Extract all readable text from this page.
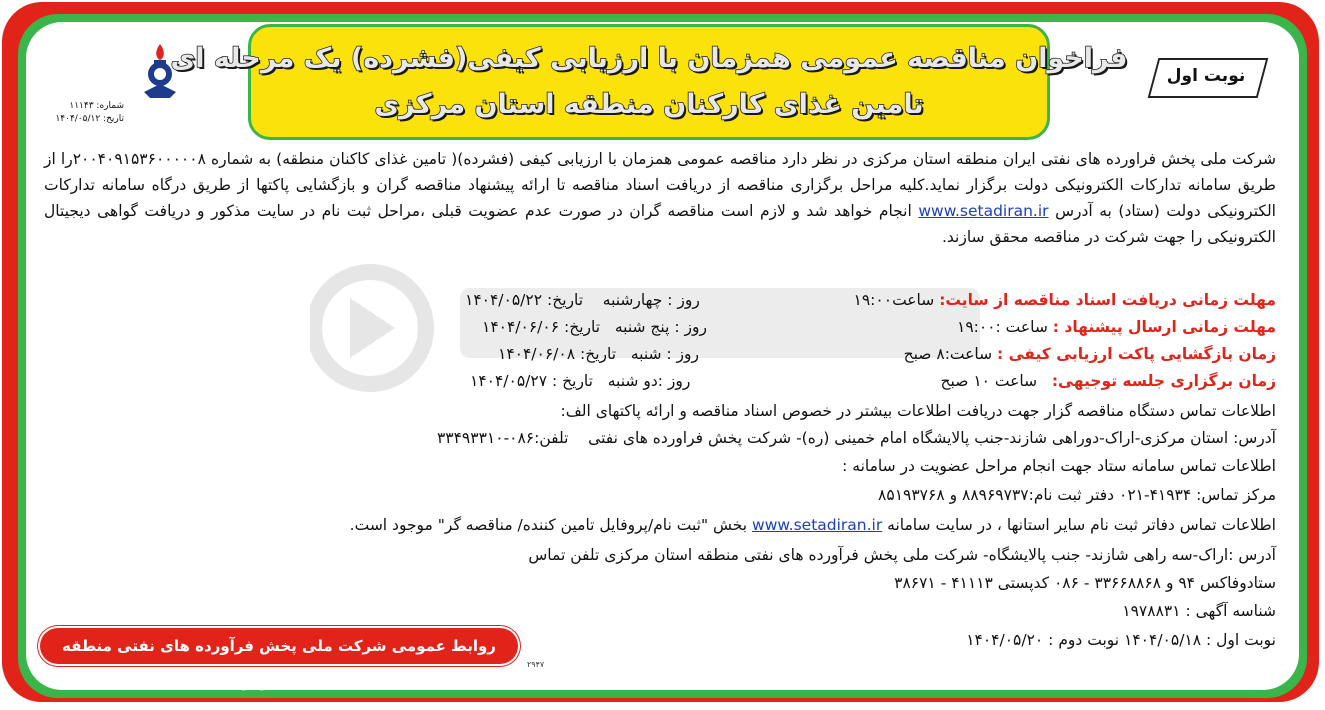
فراخوان مناقصه عمومی همزمان با ارزیابی کیفی(فشرده) یک مرحله ای
تامین غذای کارکنان منطقه استان مرکزی
نوبت اول
شماره: ۱۱۱۴۳
تاریخ: ۱۴۰۴/۰۵/۱۲

شرکت ملی پخش فراورده های نفتی ایران منطقه استان مرکزی در نظر دارد مناقصه عمومی همزمان با ارزیابی کیفی (فشرده)( تامین غذای کاکنان منطقه) به شماره ۲۰۰۴۰۹۱۵۳۶۰۰۰۰۰۸را از طریق سامانه تدارکات الکترونیکی دولت برگزار نماید.کلیه مراحل برگزاری مناقصه از دریافت اسناد مناقصه تا ارائه پیشنهاد مناقصه گران و بازگشایی پاکتها از طریق درگاه سامانه تدارکات الکترونیکی دولت (ستاد) به آدرس www.setadiran.ir انجام خواهد شد و لازم است مناقصه گران در صورت عدم عضویت قبلی ،مراحل ثبت نام در سایت مذکور و دریافت گواهی دیجیتال الکترونیکی را جهت شرکت در مناقصه محقق سازند.

مهلت زمانی دریافت اسناد مناقصه از سایت: ساعت۱۹:۰۰
روز : چهارشنبه    تاریخ: ۱۴۰۴/۰۵/۲۲
مهلت زمانی ارسال پیشنهاد : ساعت :۱۹:۰۰
روز : پنج شنبه   تاریخ: ۱۴۰۴/۰۶/۰۶
زمان بازگشایی پاکت ارزیابی کیفی : ساعت:۸ صبح
روز : شنبه   تاریخ: ۱۴۰۴/۰۶/۰۸
زمان برگزاری جلسه توجیهی:   ساعت ۱۰ صبح
روز :دو شنبه   تاریخ : ۱۴۰۴/۰۵/۲۷
اطلاعات تماس دستگاه مناقصه گزار جهت دریافت اطلاعات بیشتر در خصوص اسناد مناقصه و ارائه پاکتهای الف:
آدرس: استان مرکزی-اراک-دوراهی شازند-جنب پالایشگاه امام خمینی (ره)- شرکت پخش فراورده های نفتی    تلفن:۰۸۶-۳۳۴۹۳۳۱۰
اطلاعات تماس سامانه ستاد جهت انجام مراحل عضویت در سامانه :
مرکز تماس: ۴۱۹۳۴-۰۲۱ دفتر ثبت نام:۸۸۹۶۹۷۳۷ و ۸۵۱۹۳۷۶۸
اطلاعات تماس دفاتر ثبت نام سایر استانها ، در سایت سامانه www.setadiran.ir بخش "ثبت نام/پروفایل تامین کننده/ مناقصه گر" موجود است.
آدرس :اراک-سه راهی شازند- جنب پالایشگاه- شرکت ملی پخش فرآورده های نفتی منطقه استان مرکزی تلفن تماس
ستادوفاکس ۹۴ و ۳۳۶۶۸۸۶۸ - ۰۸۶ کدپستی ۴۱۱۱۳ - ۳۸۶۷۱
شناسه آگهی : ۱۹۷۸۸۳۱
نوبت اول : ۱۴۰۴/۰۵/۱۸ نوبت دوم : ۱۴۰۴/۰۵/۲۰
روابط عمومی شرکت ملی پخش فرآورده های نفتی منطقه استان مرکزی
۲۹۴۷
